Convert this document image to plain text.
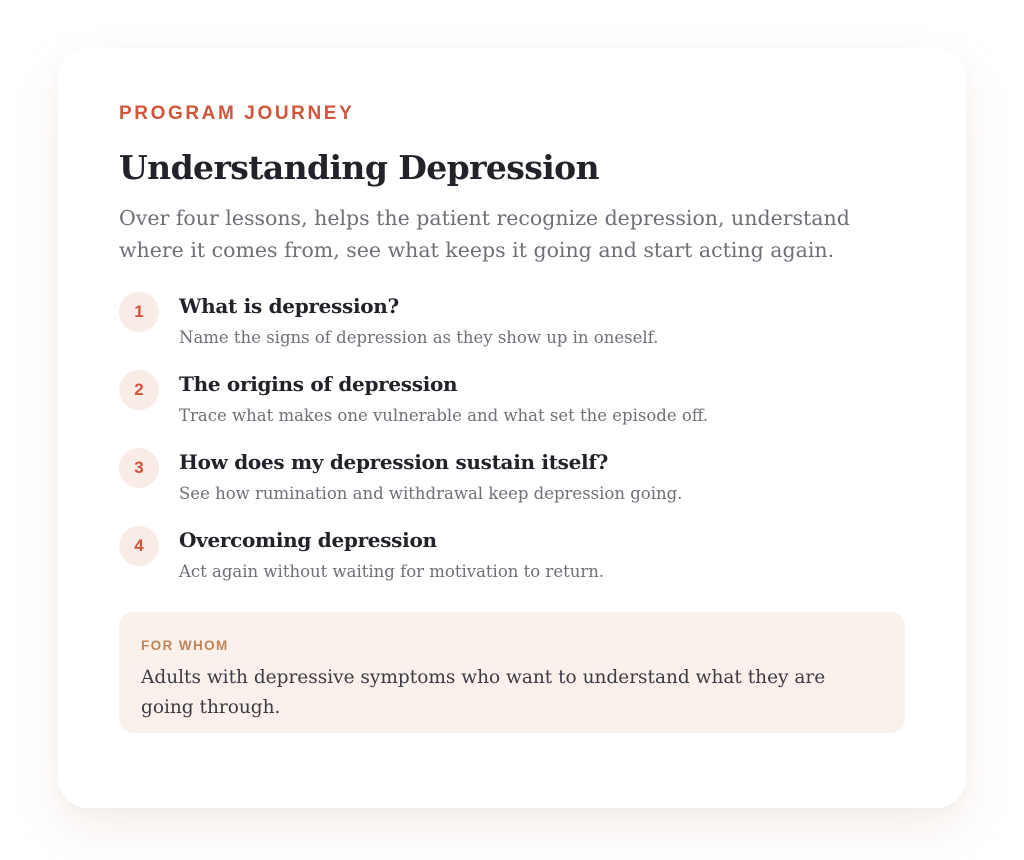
PROGRAM JOURNEY

Understanding Depression

Over four lessons, helps the patient recognize depression, understand where it comes from, see what keeps it going and start acting again.

1	What is depression?

Name the signs of depression as they show up in oneself.

2	The origins of depression

Trace what makes one vulnerable and what set the episode off.

3	How does my depression sustain itself?

See how rumination and withdrawal keep depression going.

4	Overcoming depression

Act again without waiting for motivation to return.

FOR WHOM

Adults with depressive symptoms who want to understand what they are going through.
